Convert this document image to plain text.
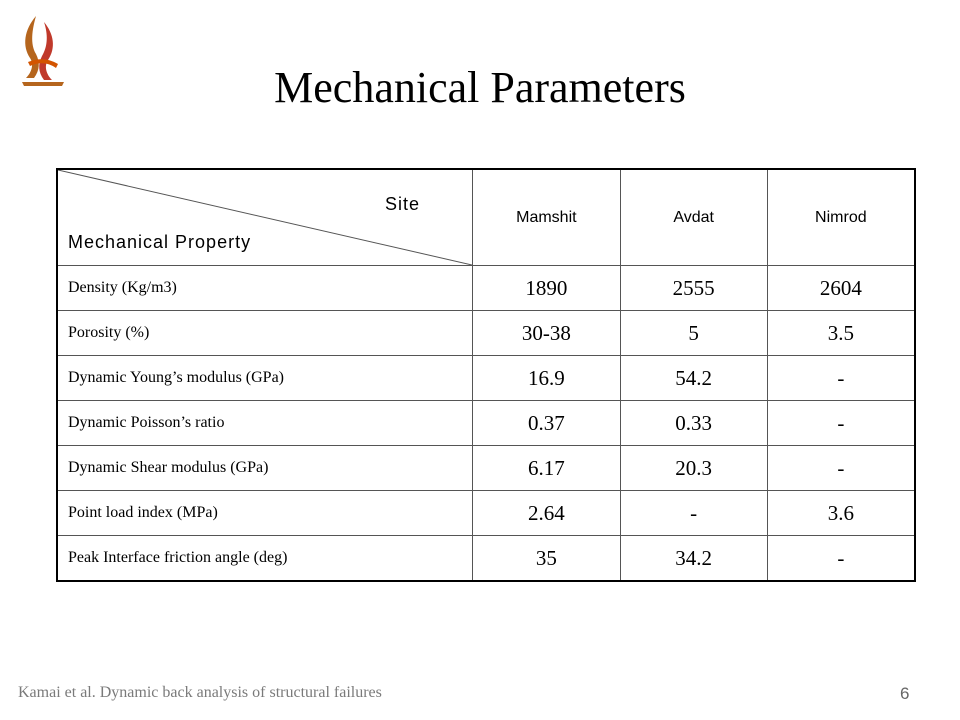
Mechanical Parameters
Site
Mechanical Property	Mamshit	Avdat	Nimrod
Density (Kg/m3)	1890	2555	2604
Porosity (%)	30-38	5	3.5
Dynamic Young’s modulus (GPa)	16.9	54.2	-
Dynamic Poisson’s ratio	0.37	0.33	-
Dynamic Shear modulus (GPa)	6.17	20.3	-
Point load index (MPa)	2.64	-	3.6
Peak Interface friction angle (deg)	35	34.2	-
Kamai et al. Dynamic back analysis of structural failures	6
